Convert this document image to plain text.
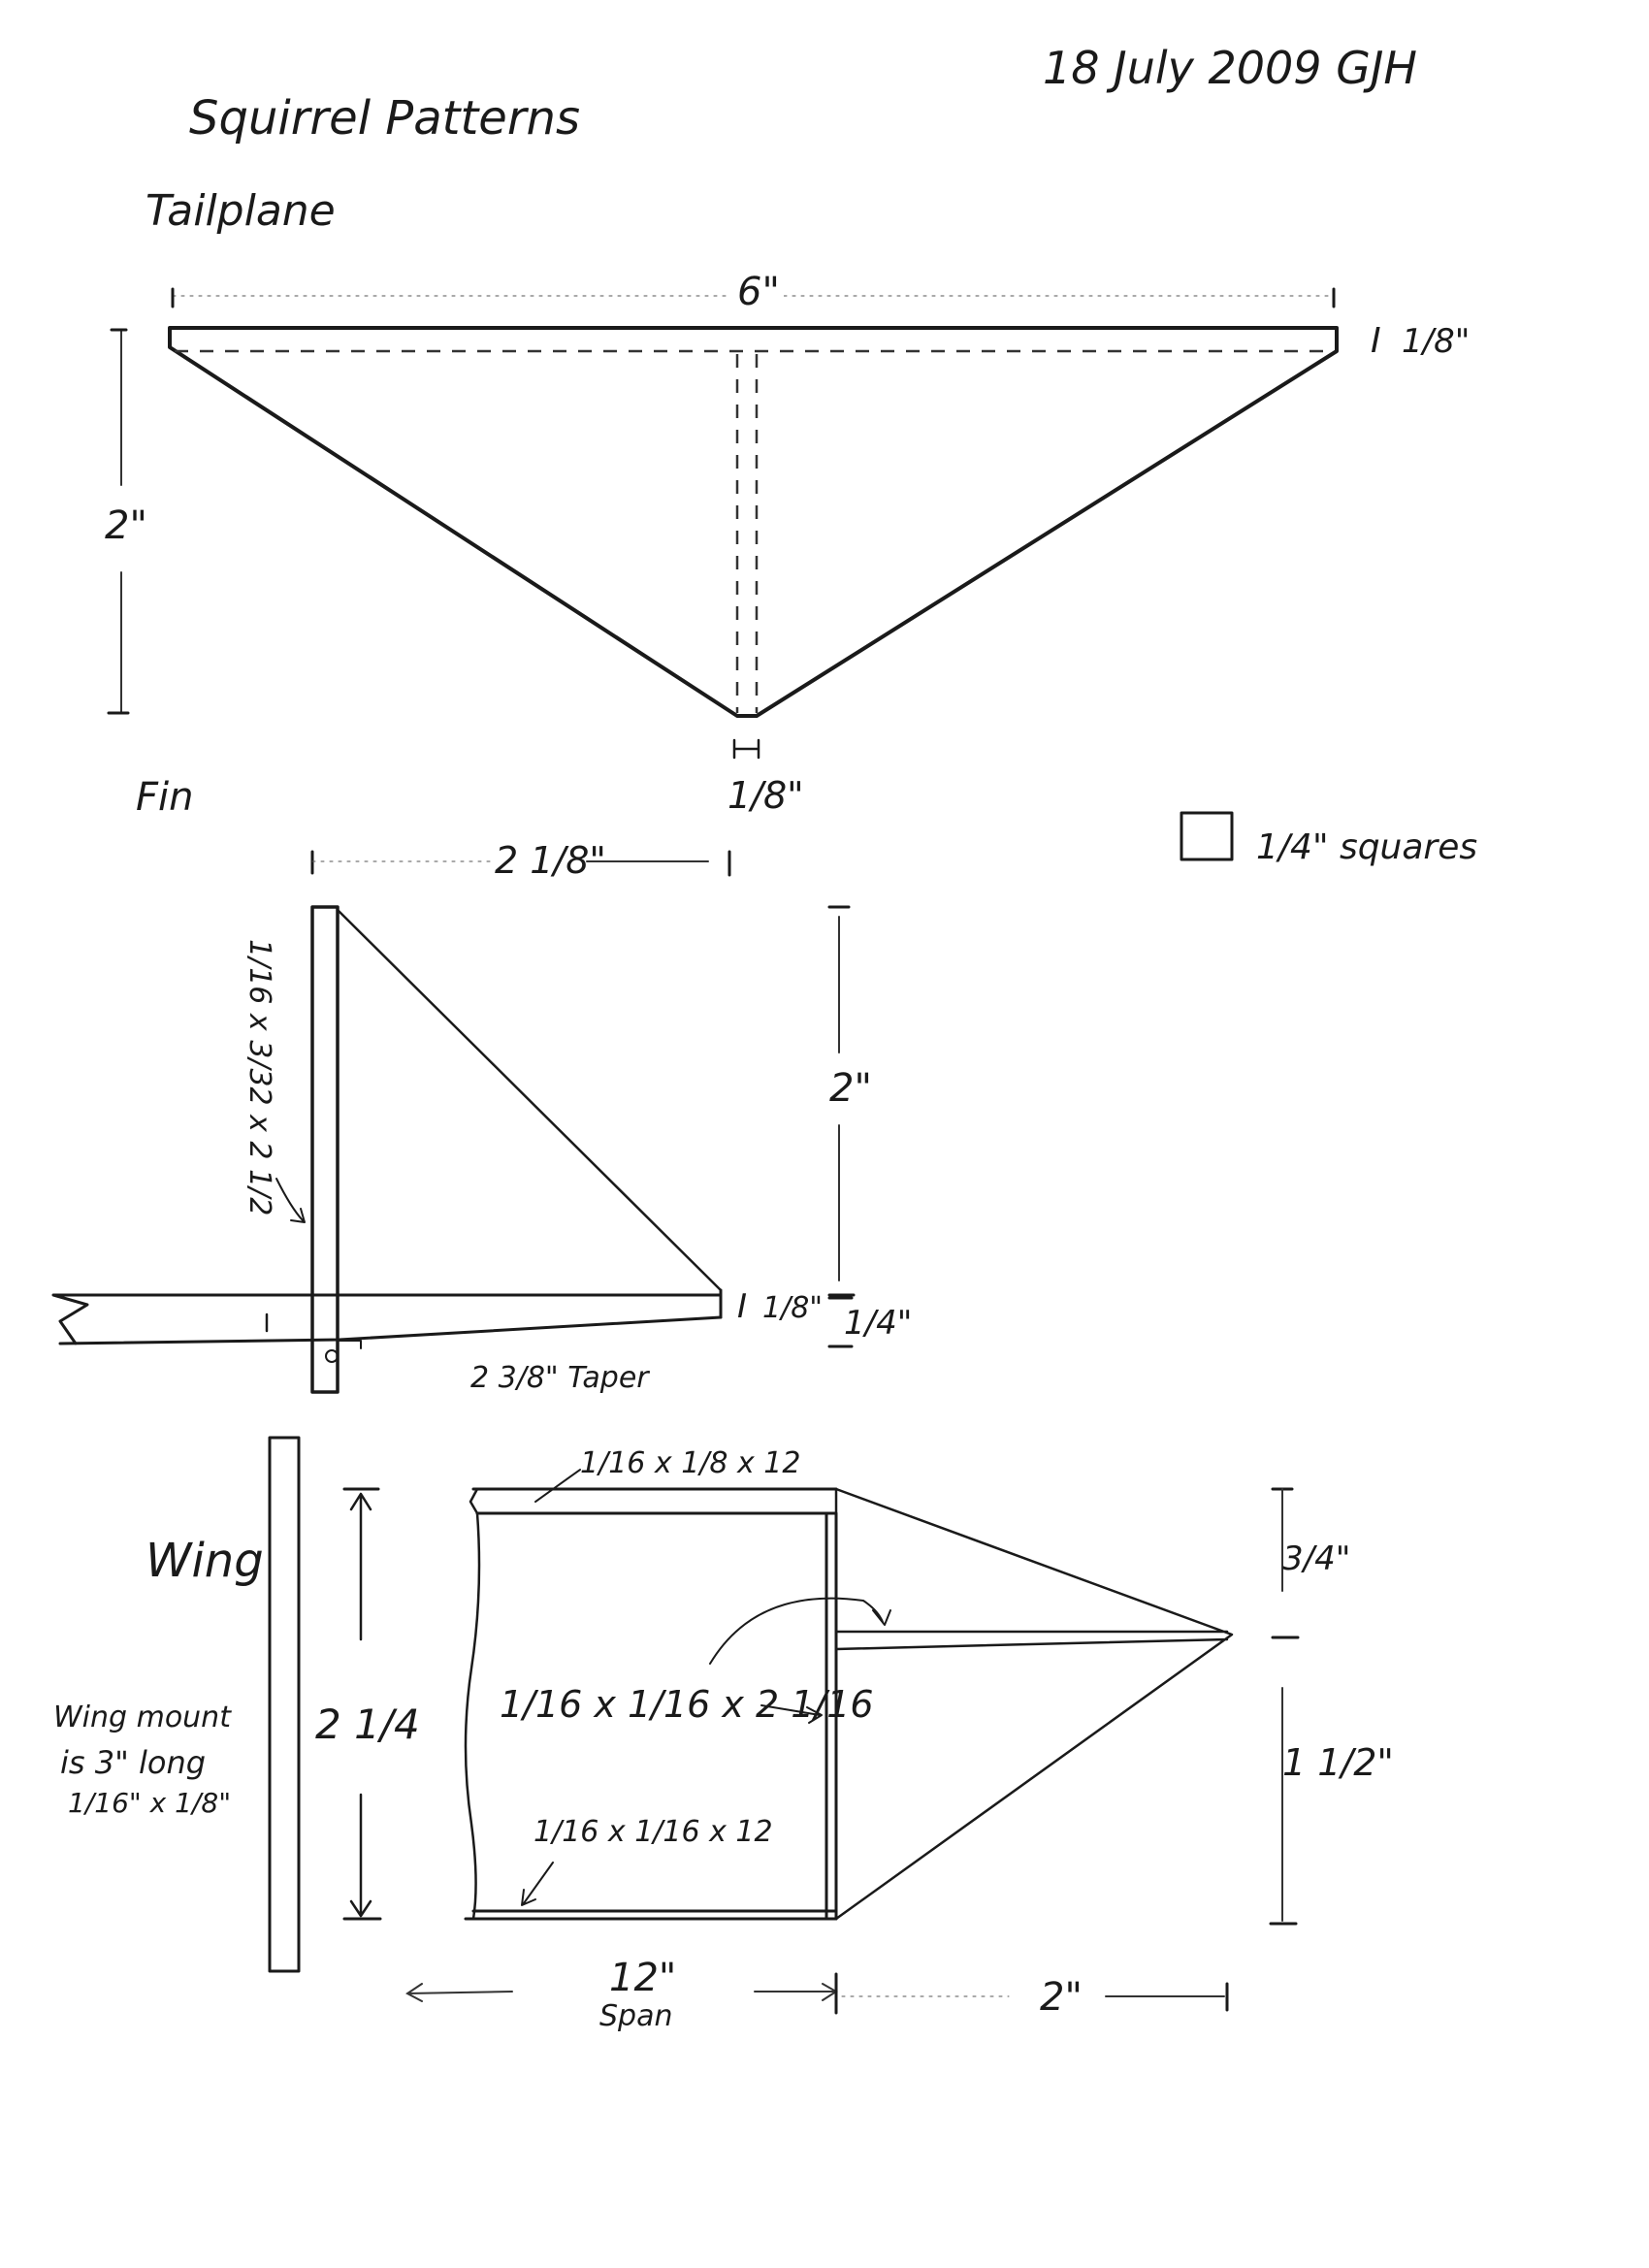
18 July 2009 GJH
Squirrel Patterns
Tailplane
6"
I 1/8"
2"
1/8"
Fin
2 1/8"
1/16 x 3/32 x 2 1/2	2"
I 1/8" 1/4"
2 3/8" Taper
1/4" squares
Wing
Wing mount
is 3" long
1/16" x 1/8"
2 1/4
1/16 x 1/8 x 12
1/16 x 1/16 x 2 1/16
1/16 x 1/16 x 12
3/4"
1 1/2"
12"
Span	2"
